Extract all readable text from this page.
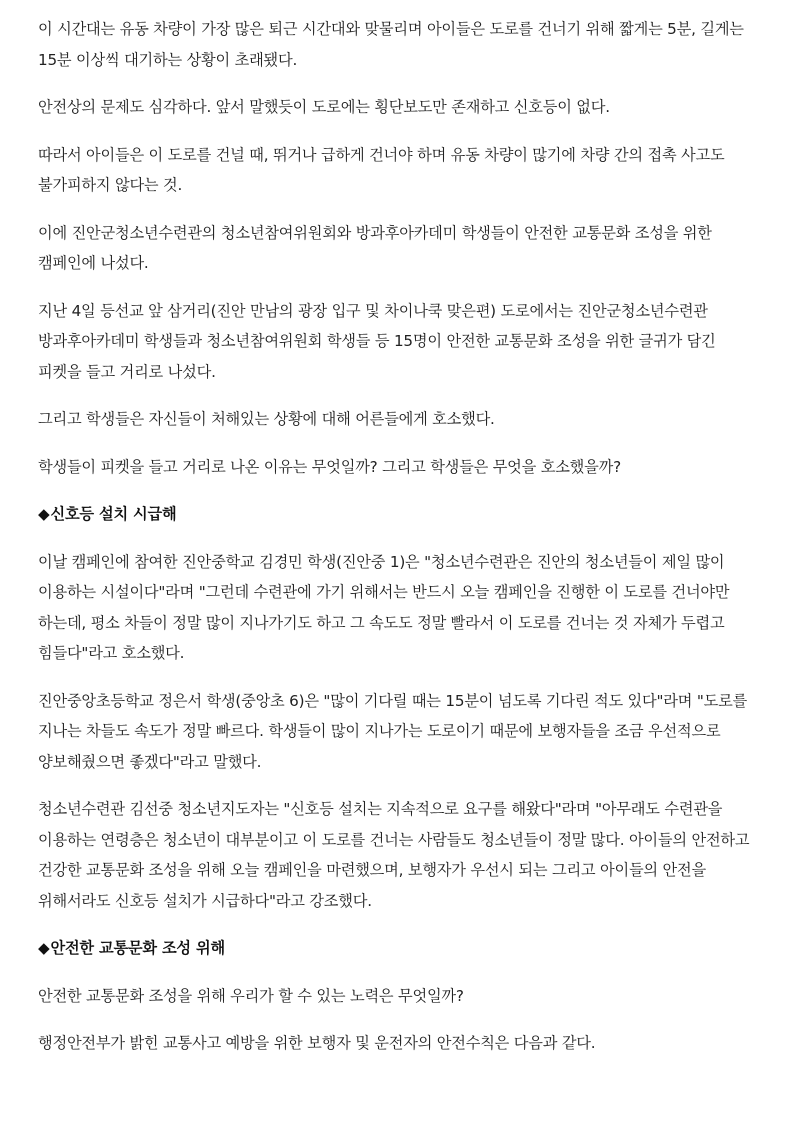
이 시간대는 유동 차량이 가장 많은 퇴근 시간대와 맞물리며 아이들은 도로를 건너기 위해 짧게는 5분, 길게는 15분 이상씩 대기하는 상황이 초래됐다.

안전상의 문제도 심각하다. 앞서 말했듯이 도로에는 횡단보도만 존재하고 신호등이 없다.

따라서 아이들은 이 도로를 건널 때, 뛰거나 급하게 건너야 하며 유동 차량이 많기에 차량 간의 접촉 사고도 불가피하지 않다는 것.

이에 진안군청소년수련관의 청소년참여위원회와 방과후아카데미 학생들이 안전한 교통문화 조성을 위한 캠페인에 나섰다.

지난 4일 등선교 앞 삼거리(진안 만남의 광장 입구 및 차이나쿡 맞은편) 도로에서는 진안군청소년수련관 방과후아카데미 학생들과 청소년참여위원회 학생들 등 15명이 안전한 교통문화 조성을 위한 글귀가 담긴 피켓을 들고 거리로 나섰다.

그리고 학생들은 자신들이 처해있는 상황에 대해 어른들에게 호소했다.

학생들이 피켓을 들고 거리로 나온 이유는 무엇일까? 그리고 학생들은 무엇을 호소했을까?

◆신호등 설치 시급해

이날 캠페인에 참여한 진안중학교 김경민 학생(진안중 1)은 "청소년수련관은 진안의 청소년들이 제일 많이 이용하는 시설이다"라며 "그런데 수련관에 가기 위해서는 반드시 오늘 캠페인을 진행한 이 도로를 건너야만 하는데, 평소 차들이 정말 많이 지나가기도 하고 그 속도도 정말 빨라서 이 도로를 건너는 것 자체가 두렵고 힘들다"라고 호소했다.

진안중앙초등학교 정은서 학생(중앙초 6)은 "많이 기다릴 때는 15분이 넘도록 기다린 적도 있다"라며 "도로를 지나는 차들도 속도가 정말 빠르다. 학생들이 많이 지나가는 도로이기 때문에 보행자들을 조금 우선적으로 양보해줬으면 좋겠다"라고 말했다.

청소년수련관 김선중 청소년지도자는 "신호등 설치는 지속적으로 요구를 해왔다"라며 "아무래도 수련관을 이용하는 연령층은 청소년이 대부분이고 이 도로를 건너는 사람들도 청소년들이 정말 많다. 아이들의 안전하고 건강한 교통문화 조성을 위해 오늘 캠페인을 마련했으며, 보행자가 우선시 되는 그리고 아이들의 안전을 위해서라도 신호등 설치가 시급하다"라고 강조했다.

◆안전한 교통문화 조성 위해

안전한 교통문화 조성을 위해 우리가 할 수 있는 노력은 무엇일까?

행정안전부가 밝힌 교통사고 예방을 위한 보행자 및 운전자의 안전수칙은 다음과 같다.
